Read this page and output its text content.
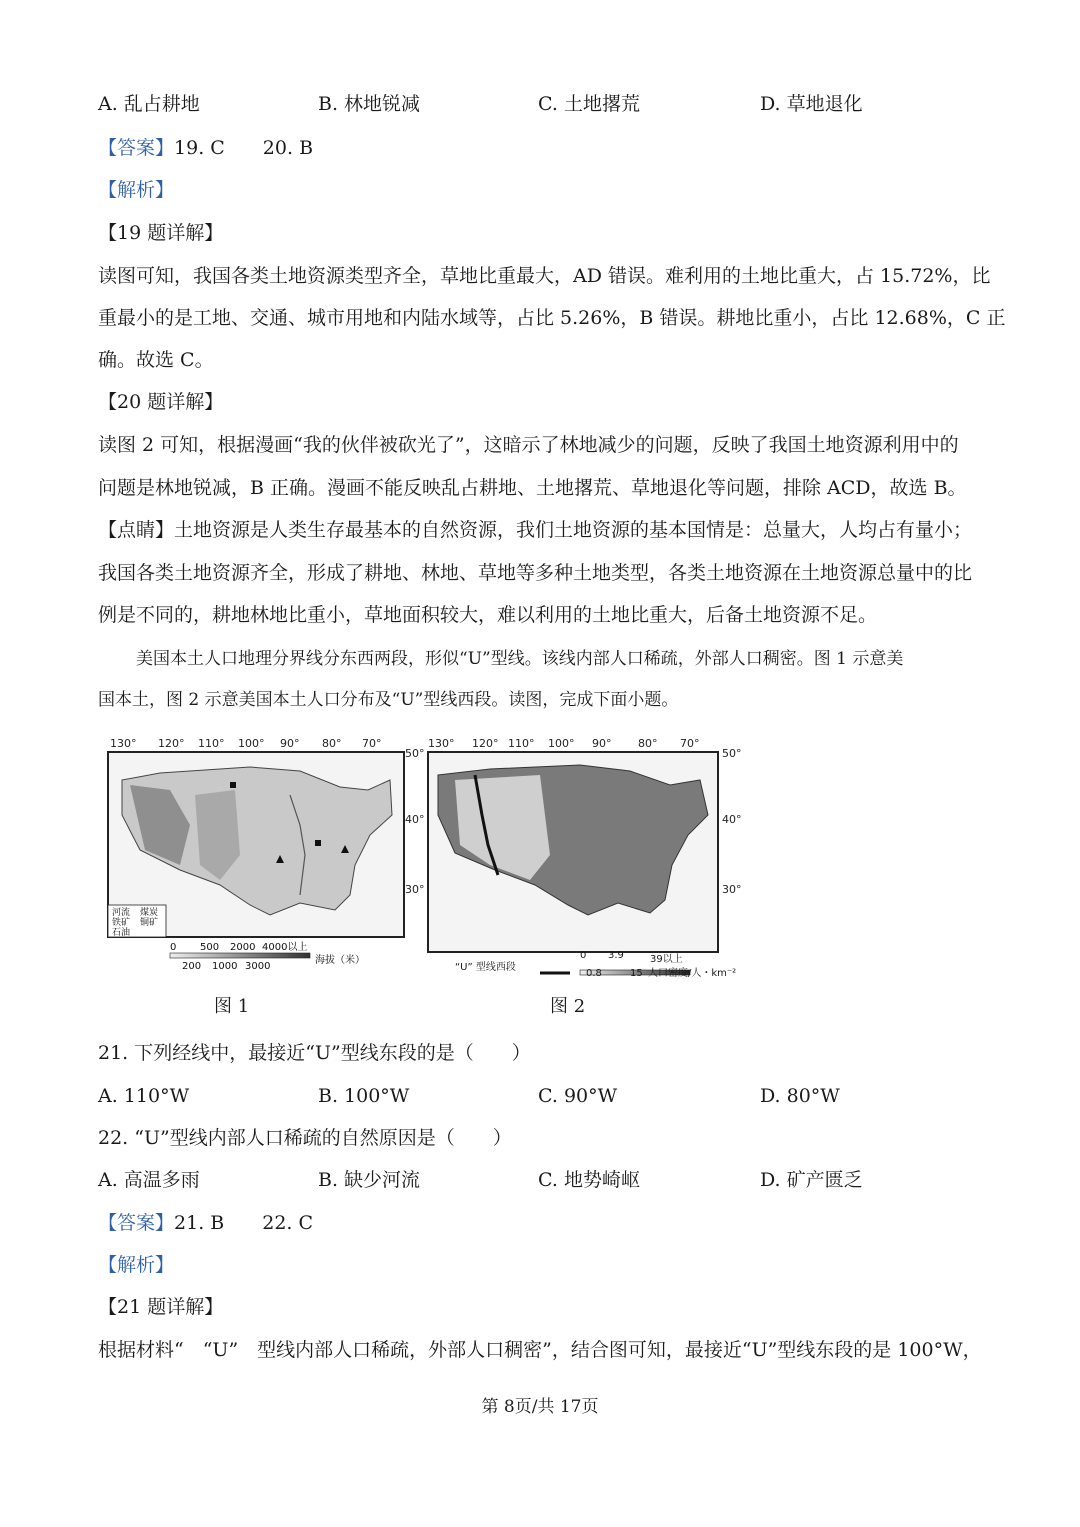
A. 乱占耕地	B. 林地锐减	C. 土地撂荒	D. 草地退化
【答案】19. C　　20. B
【解析】
【19 题详解】
读图可知，我国各类土地资源类型齐全，草地比重最大，AD 错误。难利用的土地比重大，占 15.72%，比
重最小的是工地、交通、城市用地和内陆水域等，占比 5.26%，B 错误。耕地比重小，占比 12.68%，C 正
确。故选 C。
【20 题详解】
读图 2 可知，根据漫画“我的伙伴被砍光了”，这暗示了林地减少的问题，反映了我国土地资源利用中的
问题是林地锐减，B 正确。漫画不能反映乱占耕地、土地撂荒、草地退化等问题，排除 ACD，故选 B。
【点睛】土地资源是人类生存最基本的自然资源，我们土地资源的基本国情是：总量大，人均占有量小；
我国各类土地资源齐全，形成了耕地、林地、草地等多种土地类型，各类土地资源在土地资源总量中的比
例是不同的，耕地林地比重小，草地面积较大，难以利用的土地比重大，后备土地资源不足。
美国本土人口地理分界线分东西两段，形似“U”型线。该线内部人口稀疏，外部人口稠密。图 1 示意美
国本土，图 2 示意美国本土人口分布及“U”型线西段。读图，完成下面小题。
130° 120° 110° 100° 90° 80° 70°
50°
40°
30°
河流 煤炭
铁矿 铜矿
石油
0 500 2000 4000以上
200 1000 3000
海拔（米）
图 1
130° 120° 110° 100° 90° 80° 70°
50°
40°
30°
“U” 型线西段
0 3.9	39以上
0.8	15 人口密度/人・km⁻²
图 2
21. 下列经线中，最接近“U”型线东段的是（　　）
A. 110°W	B. 100°W	C. 90°W	D. 80°W
22. “U”型线内部人口稀疏的自然原因是（　　）
A. 高温多雨	B. 缺少河流	C. 地势崎岖	D. 矿产匮乏
【答案】21. B　　22. C
【解析】
【21 题详解】
根据材料“　“U”　型线内部人口稀疏，外部人口稠密”，结合图可知，最接近“U”型线东段的是 100°W，
第 8页/共 17页
